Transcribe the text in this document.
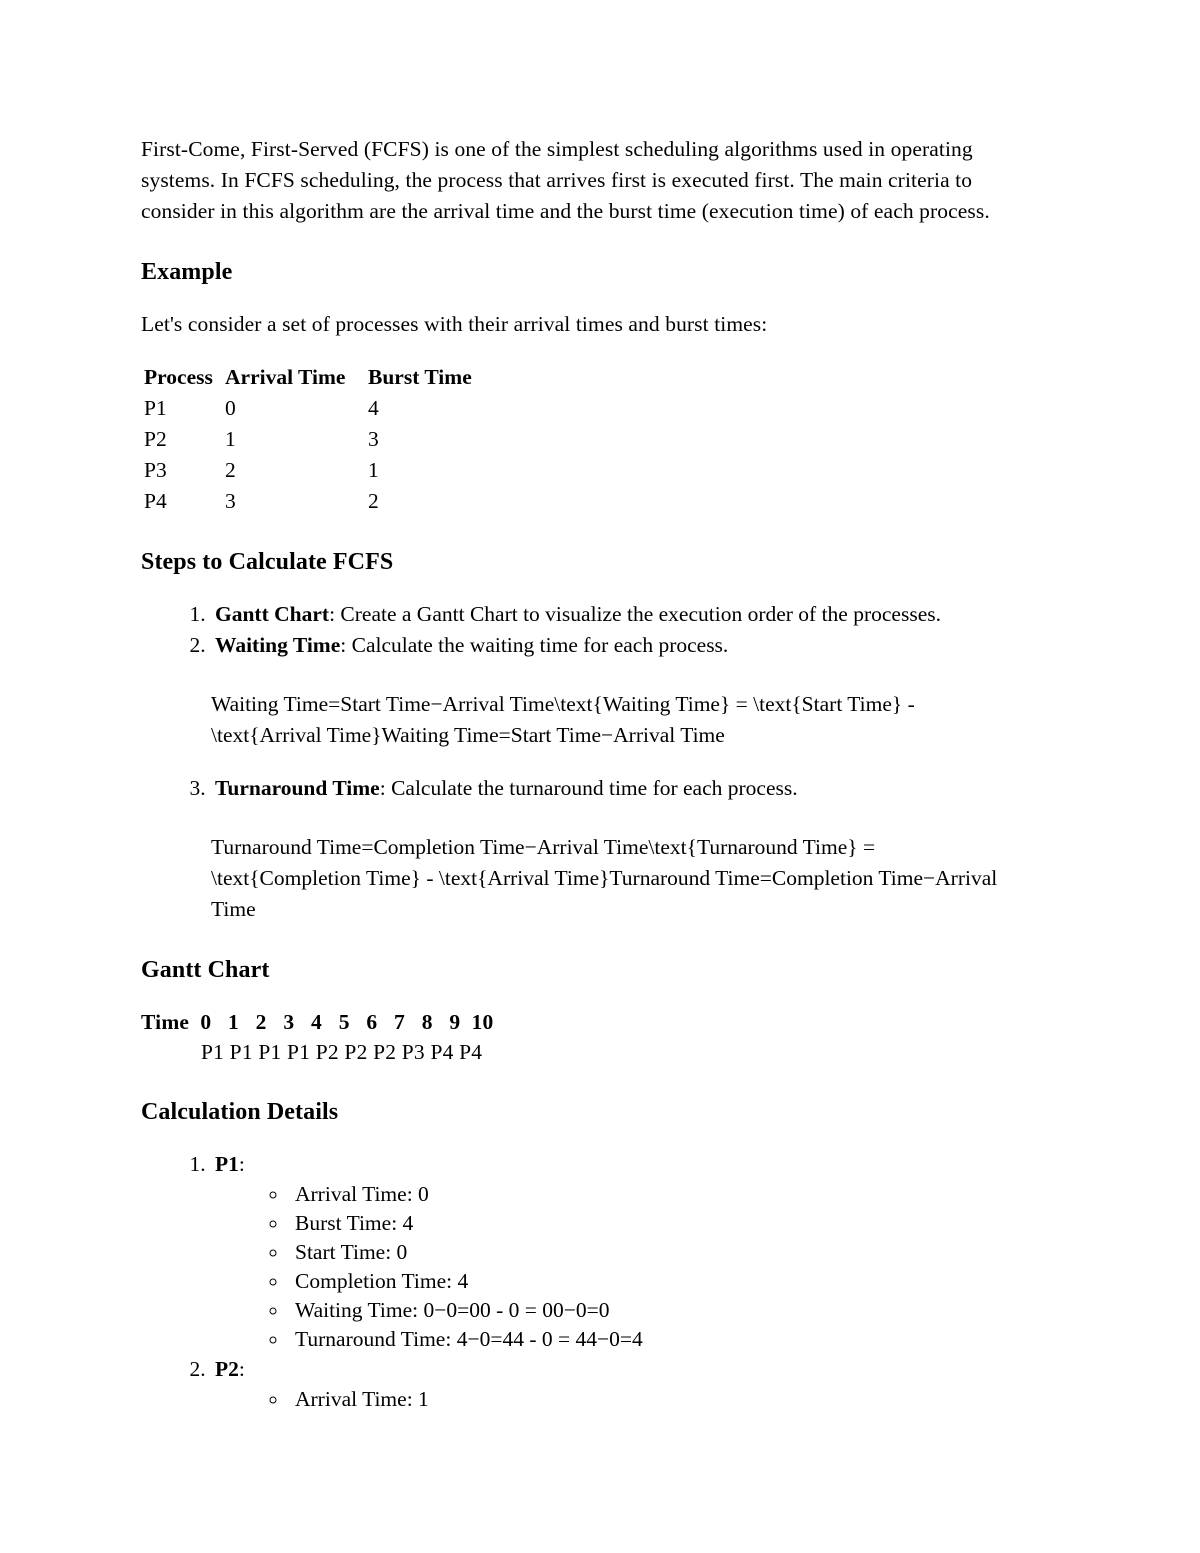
First-Come, First-Served (FCFS) is one of the simplest scheduling algorithms used in operating systems. In FCFS scheduling, the process that arrives first is executed first. The main criteria to consider in this algorithm are the arrival time and the burst time (execution time) of each process.

Example

Let's consider a set of processes with their arrival times and burst times:

Process	Arrival Time	Burst Time
P1	0	4
P2	1	3
P3	2	1
P4	3	2
Steps to Calculate FCFS
1. Gantt Chart: Create a Gantt Chart to visualize the execution order of the processes.
2. Waiting Time: Calculate the waiting time for each process.
Waiting Time=Start Time−Arrival Time\text{Waiting Time} = \text{Start Time} - \text{Arrival Time}Waiting Time=Start Time−Arrival Time
3. Turnaround Time: Calculate the turnaround time for each process.
Turnaround Time=Completion Time−Arrival Time\text{Turnaround Time} = \text{Completion Time} - \text{Arrival Time}Turnaround Time=Completion Time−Arrival Time
Gantt Chart
Time  0   1   2   3   4   5   6   7   8   9  10
P1 P1 P1 P1 P2 P2 P2 P3 P4 P4
Calculation Details
1. P1:
◦ Arrival Time: 0
◦ Burst Time: 4
◦ Start Time: 0
◦ Completion Time: 4
◦ Waiting Time: 0−0=00 - 0 = 00−0=0
◦ Turnaround Time: 4−0=44 - 0 = 44−0=4
2. P2:
◦ Arrival Time: 1
